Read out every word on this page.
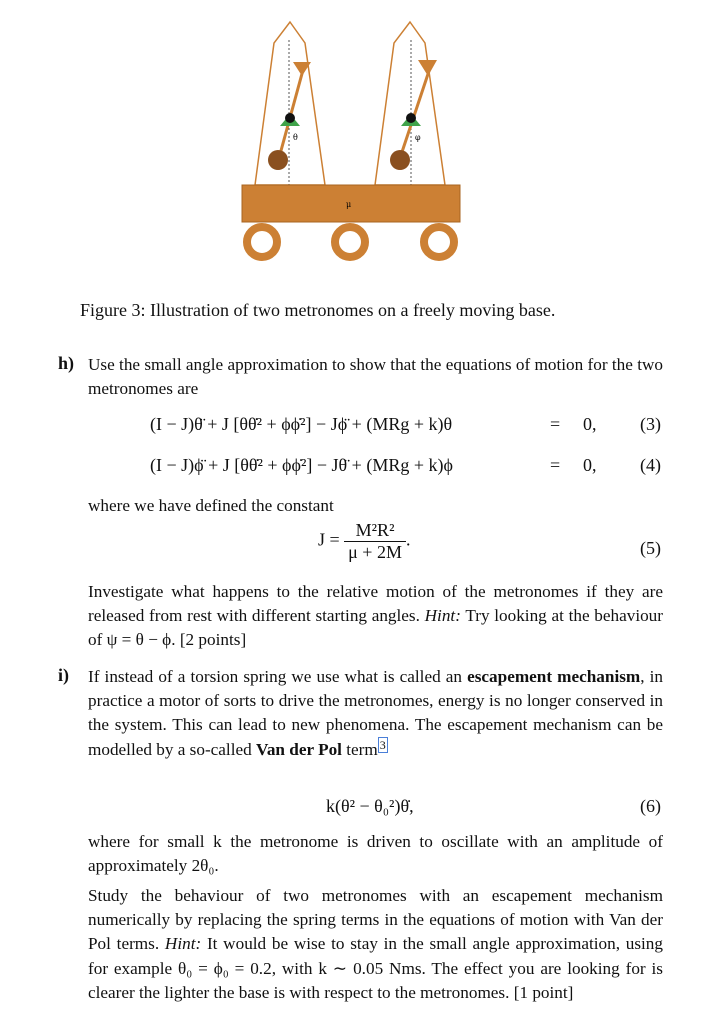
θ	φ
μ
Figure 3: Illustration of two metronomes on a freely moving base.
h) Use the small angle approximation to show that the equations of motion for the two metronomes are
(I − J)θ̈ + J [θθ̇² + ϕϕ̇²] − Jϕ̈ + (MRg + k)θ	= 0, (3)
(I − J)ϕ̈ + J [θθ̇² + ϕϕ̇²] − Jθ̈ + (MRg + k)ϕ	= 0, (4)
where we have defined the constant
$J = \frac{\text{M²R²}}{\mu + 2M}$ .	(5)
Investigate what happens to the relative motion of the metronomes if they are released from rest with different starting angles. Hint: Try looking at the behaviour of ψ = θ − ϕ. [2 points]
i) If instead of a torsion spring we use what is called an escapement mechanism, in practice a motor of sorts to drive the metronomes, energy is no longer conserved in the system. This can lead to new phenomena. The escapement mechanism can be modelled by a so-called Van der Pol term $^3$
k(θ² − θ₀²)θ̇,	(6)
where for small k the metronome is driven to oscillate with an amplitude of approximately 2θ₀.
Study the behaviour of two metronomes with an escapement mechanism numerically by replacing the spring terms in the equations of motion with Van der Pol terms. Hint: It would be wise to stay in the small angle approximation, using for example θ₀ = ϕ₀ = 0.2, with k ∼ 0.05 Nms. The effect you are looking for is clearer the lighter the base is with respect to the metronomes. [1 point]
